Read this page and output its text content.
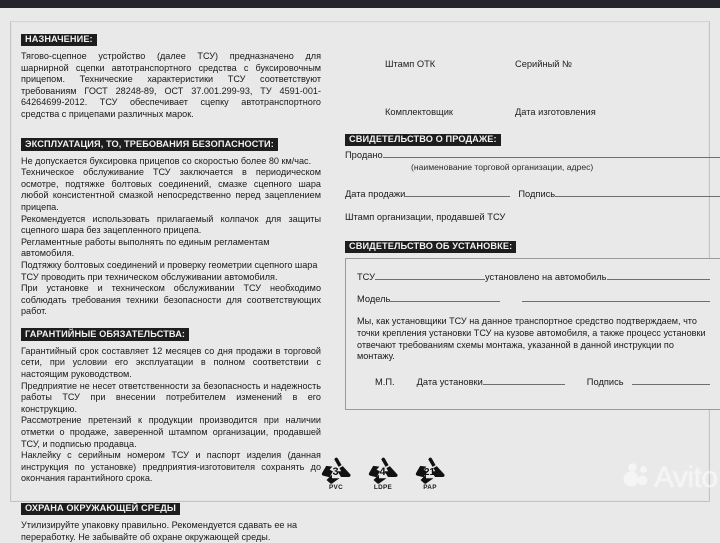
НАЗНАЧЕНИЕ:

Тягово-сцепное устройство (далее ТСУ) предназначено для шарнирной сцепки автотранспортного средства с буксировочным прицепом. Технические характеристики ТСУ соответствуют требованиям ГОСТ 28248-89, ОСТ 37.001.299-93, ТУ 4591-001-64264699-2012. ТСУ обеспечивает сцепку автотранспортного средства с прицепами различных марок.

ЭКСПЛУАТАЦИЯ, ТО, ТРЕБОВАНИЯ БЕЗОПАСНОСТИ:

Не допускается буксировка прицепов со скоростью более 80 км/час.

Техническое обслуживание ТСУ заключается в периодическом осмотре, подтяжке болтовых соединений, смазке сцепного шара любой консистентной смазкой непосредственно перед зацеплением прицепа.

Рекомендуется использовать прилагаемый колпачок для защиты сцепного шара без зацепленного прицепа.

Регламентные работы выполнять по единым регламентам автомобиля.

Подтяжку болтовых соединений и проверку геометрии сцепного шара ТСУ проводить при техническом обслуживании автомобиля.

При установке и техническом обслуживании ТСУ необходимо соблюдать требования техники безопасности для соответствующих работ.

ГАРАНТИЙНЫЕ ОБЯЗАТЕЛЬСТВА:

Гарантийный срок составляет 12 месяцев со дня продажи в торговой сети, при условии его эксплуатации в полном соответствии с настоящим руководством.

Предприятие не несет ответственности за безопасность и надежность работы ТСУ при внесении потребителем изменений в его конструкцию.

Рассмотрение претензий к продукции производится при наличии отметки о продаже, заверенной штампом организации, продавшей ТСУ, и подписью продавца.

Наклейку с серийным номером ТСУ и паспорт изделия (данная инструкция по установке) предприятия-изготовителя сохранять до окончания гарантийного срока.

ОХРАНА ОКРУЖАЮЩЕЙ СРЕДЫ

Утилизируйте упаковку правильно. Рекомендуется сдавать ее на переработку. Не забывайте об охране окружающей среды.

3
PVC
4
LDPE
21
PAP
Штамп ОТК	Серийный №
Комплектовщик	Дата изготовления
СВИДЕТЕЛЬСТВО О ПРОДАЖЕ:
Продано
(наименование торговой организации, адрес)
Дата продажи	Подпись
Штамп организации, продавшей ТСУ
СВИДЕТЕЛЬСТВО ОБ УСТАНОВКЕ:
ТСУ	установлено на автомобиль
Модель

Мы, как установщики ТСУ на данное транспортное средство подтверждаем, что точки крепления установки ТСУ на кузове автомобиля, а также процесс установки отвечают требованиям схемы монтажа, указанной в данной инструкции по монтажу.

М.П. Дата установки	Подпись
Avito
